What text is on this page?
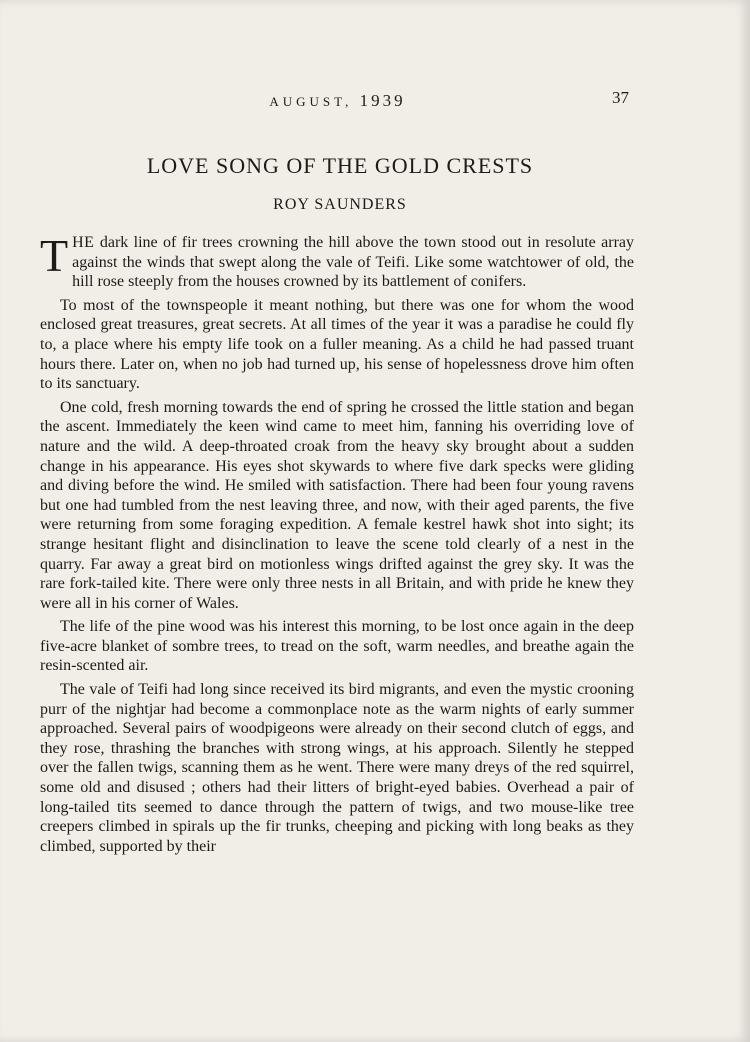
AUGUST, 1939	37
LOVE SONG OF THE GOLD CRESTS
ROY SAUNDERS

THE dark line of fir trees crowning the hill above the town stood out in resolute array against the winds that swept along the vale of Teifi. Like some watchtower of old, the hill rose steeply from the houses crowned by its battlement of conifers.

To most of the townspeople it meant nothing, but there was one for whom the wood enclosed great treasures, great secrets. At all times of the year it was a paradise he could fly to, a place where his empty life took on a fuller meaning. As a child he had passed truant hours there. Later on, when no job had turned up, his sense of hopelessness drove him often to its sanctuary.

One cold, fresh morning towards the end of spring he crossed the little station and began the ascent. Immediately the keen wind came to meet him, fanning his overriding love of nature and the wild. A deep-throated croak from the heavy sky brought about a sudden change in his appearance. His eyes shot skywards to where five dark specks were gliding and diving before the wind. He smiled with satisfaction. There had been four young ravens but one had tumbled from the nest leaving three, and now, with their aged parents, the five were returning from some foraging expedition. A female kestrel hawk shot into sight; its strange hesitant flight and disinclination to leave the scene told clearly of a nest in the quarry. Far away a great bird on motionless wings drifted against the grey sky. It was the rare fork-tailed kite. There were only three nests in all Britain, and with pride he knew they were all in his corner of Wales.

The life of the pine wood was his interest this morning, to be lost once again in the deep five-acre blanket of sombre trees, to tread on the soft, warm needles, and breathe again the resin-scented air.

The vale of Teifi had long since received its bird migrants, and even the mystic crooning purr of the nightjar had become a commonplace note as the warm nights of early summer approached. Several pairs of woodpigeons were already on their second clutch of eggs, and they rose, thrashing the branches with strong wings, at his approach. Silently he stepped over the fallen twigs, scanning them as he went. There were many dreys of the red squirrel, some old and disused ; others had their litters of bright-eyed babies. Overhead a pair of long-tailed tits seemed to dance through the pattern of twigs, and two mouse-like tree creepers climbed in spirals up the fir trunks, cheeping and picking with long beaks as they climbed, supported by their
